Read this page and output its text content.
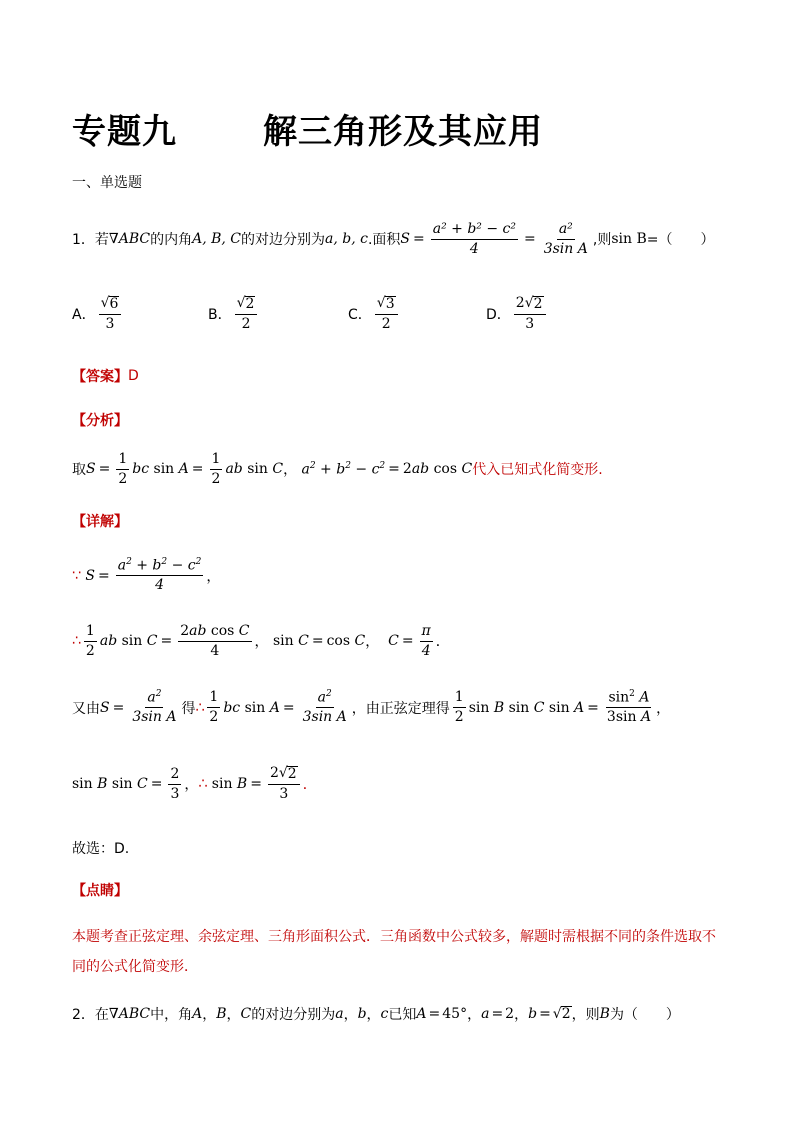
专题九	解三角形及其应用
一、单选题
1．若 ∇ ABC 的内角 A, B, C 的对边分别为 a, b, c .面积 $S = \frac{\text{a² + b² − c²}}{4} = \frac{\text{a²}}{\text{3sin A}}$ ,则 sin B =（　　）
A． $\frac{√ 6}{3}$	B． $\frac{√ 2}{2}$	C． $\frac{√ 3}{2}$	D． $\frac{2√ 2}{3}$
【答案】 D
【分析】
取 $S = \frac{1}{2}$ bc $\sin A = \frac{1}{2}$ ab sin C ， $a^2 + b^2 - c^2 = 2$ ab cos C 代入已知式化简变形.
【详解】
∵ $S = \frac{a^2 + b^2 - c^2}{4}$ ，
∴ $\frac{1}{2}$ ab $\sin C = \frac{\text{2ab cos C}}{4}$ ， sin C = cos C ， $C = \frac{\pi}{4}$ ．
又由 $S = \frac{a^2}{\text{3sin A}}$ 得 ∴ $\frac{1}{2}$ bc $\sin A = \frac{a^2}{\text{3sin A}}$ ，由正弦定理得 $\frac{1}{2}$ sin B sin C $\sin A = \frac{\sin^2 A}{\text{3sin A}}$ ，
sin B $\sin C = \frac{2}{3}$ ， ∴ $\sin B = \frac{2√ 2}{3}$ ．
故选：D.
【点睛】
本题考查正弦定理、余弦定理、三角形面积公式．三角函数中公式较多，解题时需根据不同的条件选取不
同的公式化简变形．
2．在 ∇ ABC 中，角 A ， B ， C 的对边分别为 a ， b ， c 已知 A = 45° ， a = 2 ， b = √ 2 ，则 B 为（　　）
